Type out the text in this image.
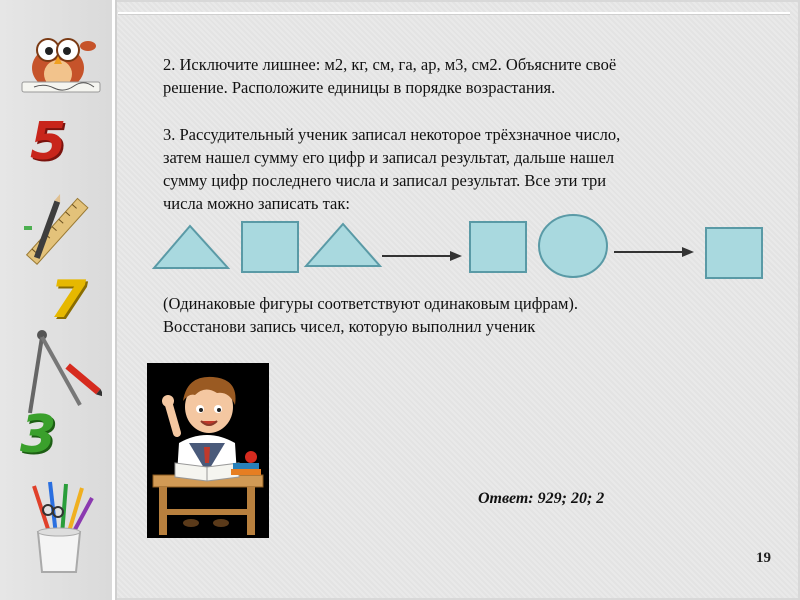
5
7
3

2. Исключите лишнее: м2, кг, см, га, ар, м3, см2. Объясните своё
решение. Расположите единицы в порядке возрастания.

3. Рассудительный ученик записал некоторое трёхзначное число,
затем нашел сумму его цифр и записал результат, дальше нашел
сумму цифр последнего числа и записал результат. Все эти три
числа можно записать так:

(Одинаковые фигуры соответствуют одинаковым цифрам).
Восстанови запись чисел, которую выполнил ученик

Ответ: 929; 20; 2
19
